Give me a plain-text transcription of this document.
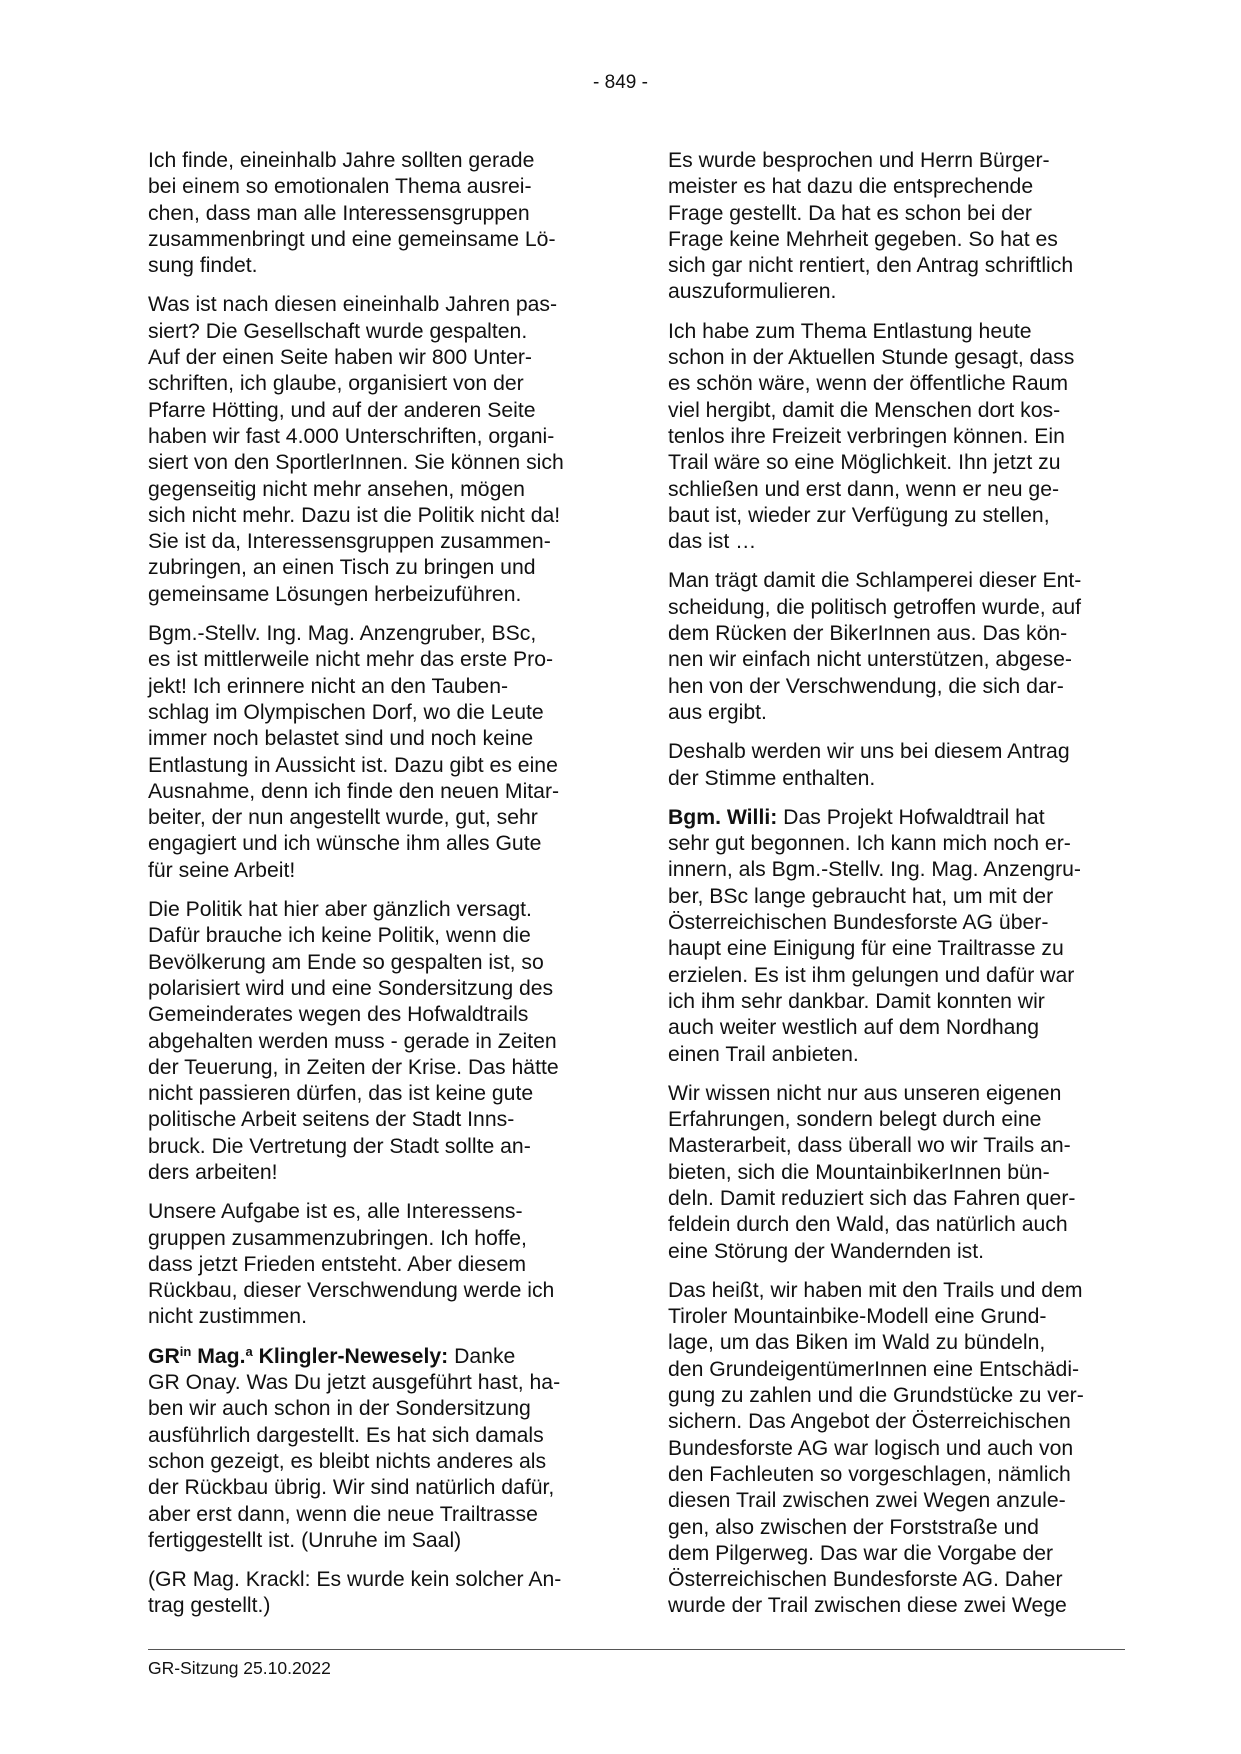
- 849 -

Ich finde, eineinhalb Jahre sollten gerade
bei einem so emotionalen Thema ausrei-
chen, dass man alle Interessensgruppen
zusammenbringt und eine gemeinsame Lö-
sung findet.

Was ist nach diesen eineinhalb Jahren pas-
siert? Die Gesellschaft wurde gespalten.
Auf der einen Seite haben wir 800 Unter-
schriften, ich glaube, organisiert von der
Pfarre Hötting, und auf der anderen Seite
haben wir fast 4.000 Unterschriften, organi-
siert von den SportlerInnen. Sie können sich
gegenseitig nicht mehr ansehen, mögen
sich nicht mehr. Dazu ist die Politik nicht da!
Sie ist da, Interessensgruppen zusammen-
zubringen, an einen Tisch zu bringen und
gemeinsame Lösungen herbeizuführen.

Bgm.-Stellv. Ing. Mag. Anzengruber, BSc,
es ist mittlerweile nicht mehr das erste Pro-
jekt! Ich erinnere nicht an den Tauben-
schlag im Olympischen Dorf, wo die Leute
immer noch belastet sind und noch keine
Entlastung in Aussicht ist. Dazu gibt es eine
Ausnahme, denn ich finde den neuen Mitar-
beiter, der nun angestellt wurde, gut, sehr
engagiert und ich wünsche ihm alles Gute
für seine Arbeit!

Die Politik hat hier aber gänzlich versagt.
Dafür brauche ich keine Politik, wenn die
Bevölkerung am Ende so gespalten ist, so
polarisiert wird und eine Sondersitzung des
Gemeinderates wegen des Hofwaldtrails
abgehalten werden muss - gerade in Zeiten
der Teuerung, in Zeiten der Krise. Das hätte
nicht passieren dürfen, das ist keine gute
politische Arbeit seitens der Stadt Inns-
bruck. Die Vertretung der Stadt sollte an-
ders arbeiten!

Unsere Aufgabe ist es, alle Interessens-
gruppen zusammenzubringen. Ich hoffe,
dass jetzt Frieden entsteht. Aber diesem
Rückbau, dieser Verschwendung werde ich
nicht zustimmen.

$GR^{in}$ Mag.$^a$ Klingler-Newesely: Danke
GR Onay. Was Du jetzt ausgeführt hast, ha-
ben wir auch schon in der Sondersitzung
ausführlich dargestellt. Es hat sich damals
schon gezeigt, es bleibt nichts anderes als
der Rückbau übrig. Wir sind natürlich dafür,
aber erst dann, wenn die neue Trailtrasse
fertiggestellt ist. (Unruhe im Saal)

(GR Mag. Krackl: Es wurde kein solcher An-
trag gestellt.)

Es wurde besprochen und Herrn Bürger-
meister es hat dazu die entsprechende
Frage gestellt. Da hat es schon bei der
Frage keine Mehrheit gegeben. So hat es
sich gar nicht rentiert, den Antrag schriftlich
auszuformulieren.

Ich habe zum Thema Entlastung heute
schon in der Aktuellen Stunde gesagt, dass
es schön wäre, wenn der öffentliche Raum
viel hergibt, damit die Menschen dort kos-
tenlos ihre Freizeit verbringen können. Ein
Trail wäre so eine Möglichkeit. Ihn jetzt zu
schließen und erst dann, wenn er neu ge-
baut ist, wieder zur Verfügung zu stellen,
das ist …

Man trägt damit die Schlamperei dieser Ent-
scheidung, die politisch getroffen wurde, auf
dem Rücken der BikerInnen aus. Das kön-
nen wir einfach nicht unterstützen, abgese-
hen von der Verschwendung, die sich dar-
aus ergibt.

Deshalb werden wir uns bei diesem Antrag
der Stimme enthalten.

Bgm. Willi: Das Projekt Hofwaldtrail hat
sehr gut begonnen. Ich kann mich noch er-
innern, als Bgm.-Stellv. Ing. Mag. Anzengru-
ber, BSc lange gebraucht hat, um mit der
Österreichischen Bundesforste AG über-
haupt eine Einigung für eine Trailtrasse zu
erzielen. Es ist ihm gelungen und dafür war
ich ihm sehr dankbar. Damit konnten wir
auch weiter westlich auf dem Nordhang
einen Trail anbieten.

Wir wissen nicht nur aus unseren eigenen
Erfahrungen, sondern belegt durch eine
Masterarbeit, dass überall wo wir Trails an-
bieten, sich die MountainbikerInnen bün-
deln. Damit reduziert sich das Fahren quer-
feldein durch den Wald, das natürlich auch
eine Störung der Wandernden ist.

Das heißt, wir haben mit den Trails und dem
Tiroler Mountainbike-Modell eine Grund-
lage, um das Biken im Wald zu bündeln,
den GrundeigentümerInnen eine Entschädi-
gung zu zahlen und die Grundstücke zu ver-
sichern. Das Angebot der Österreichischen
Bundesforste AG war logisch und auch von
den Fachleuten so vorgeschlagen, nämlich
diesen Trail zwischen zwei Wegen anzule-
gen, also zwischen der Forststraße und
dem Pilgerweg. Das war die Vorgabe der
Österreichischen Bundesforste AG. Daher
wurde der Trail zwischen diese zwei Wege

GR-Sitzung 25.10.2022
